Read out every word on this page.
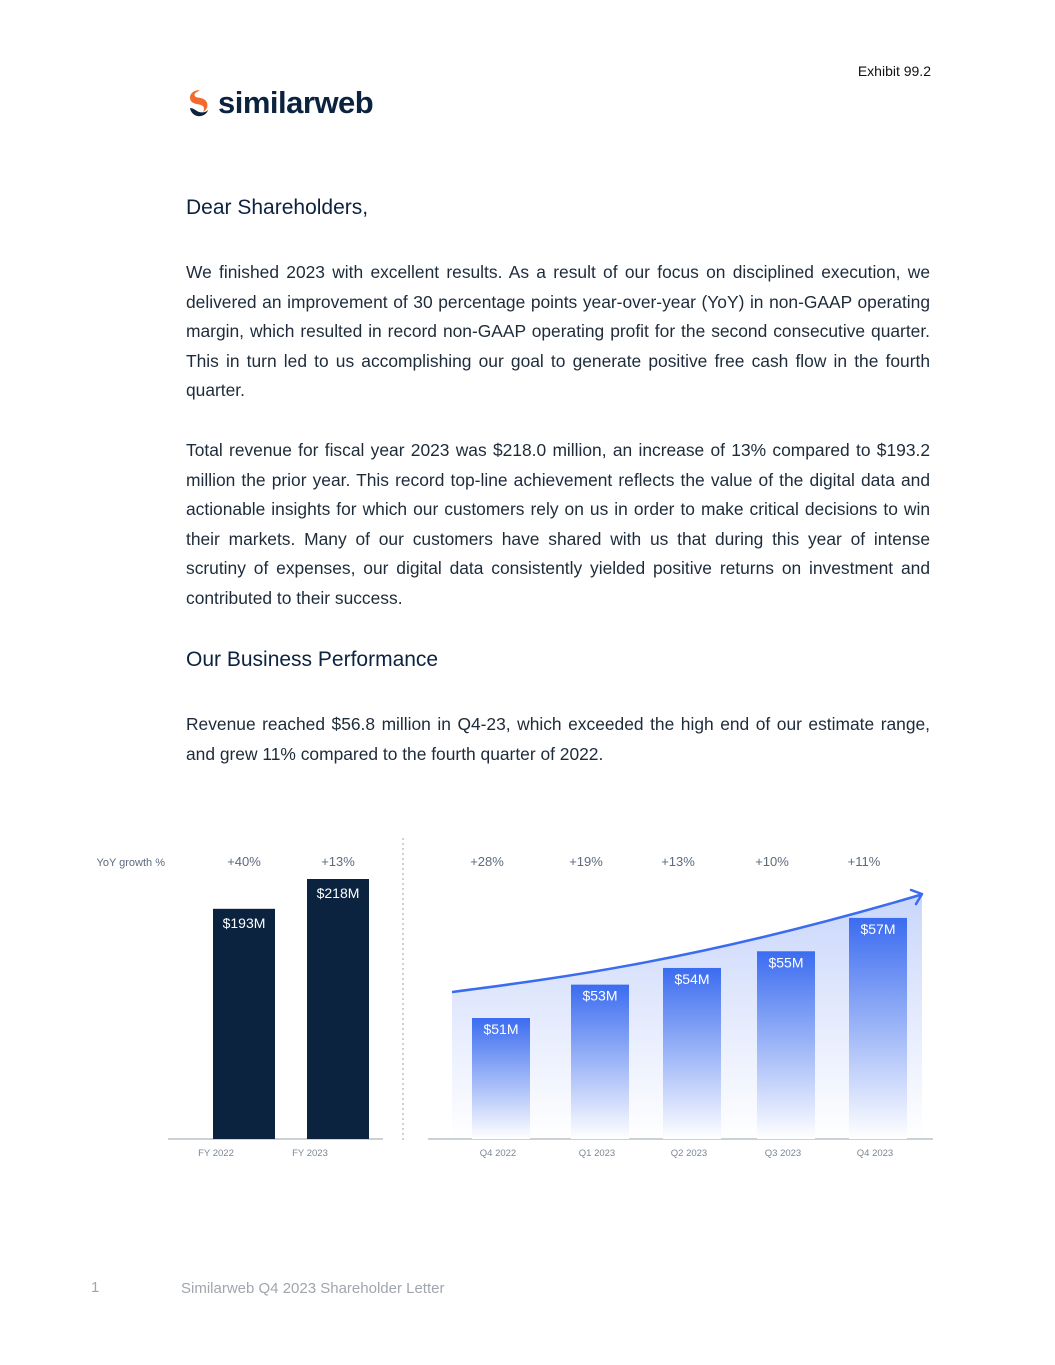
Exhibit 99.2
similarweb
Dear Shareholders,

We finished 2023 with excellent results. As a result of our focus on disciplined execution, we delivered an improvement of 30 percentage points year-over-year (YoY) in non-GAAP operating margin, which resulted in record non-GAAP operating profit for the second consecutive quarter. This in turn led to us accomplishing our goal to generate positive free cash flow in the fourth quarter.

Total revenue for fiscal year 2023 was $218.0 million, an increase of 13% compared to $193.2 million the prior year. This record top-line achievement reflects the value of the digital data and actionable insights for which our customers rely on us in order to make critical decisions to win their markets. Many of our customers have shared with us that during this year of intense scrutiny of expenses, our digital data consistently yielded positive returns on investment and contributed to their success.

Our Business Performance

Revenue reached $56.8 million in Q4-23, which exceeded the high end of our estimate range, and grew 11% compared to the fourth quarter of 2022.

YoY growth %
$193M
+40%
FY 2022
$218M
+13%
FY 2023
$51M
+28%
Q4 2022
$53M
+19%
Q1 2023
$54M
+13%
Q2 2023
$55M
+10%
Q3 2023
$57M
+11%
Q4 2023
1	Similarweb Q4 2023 Shareholder Letter
